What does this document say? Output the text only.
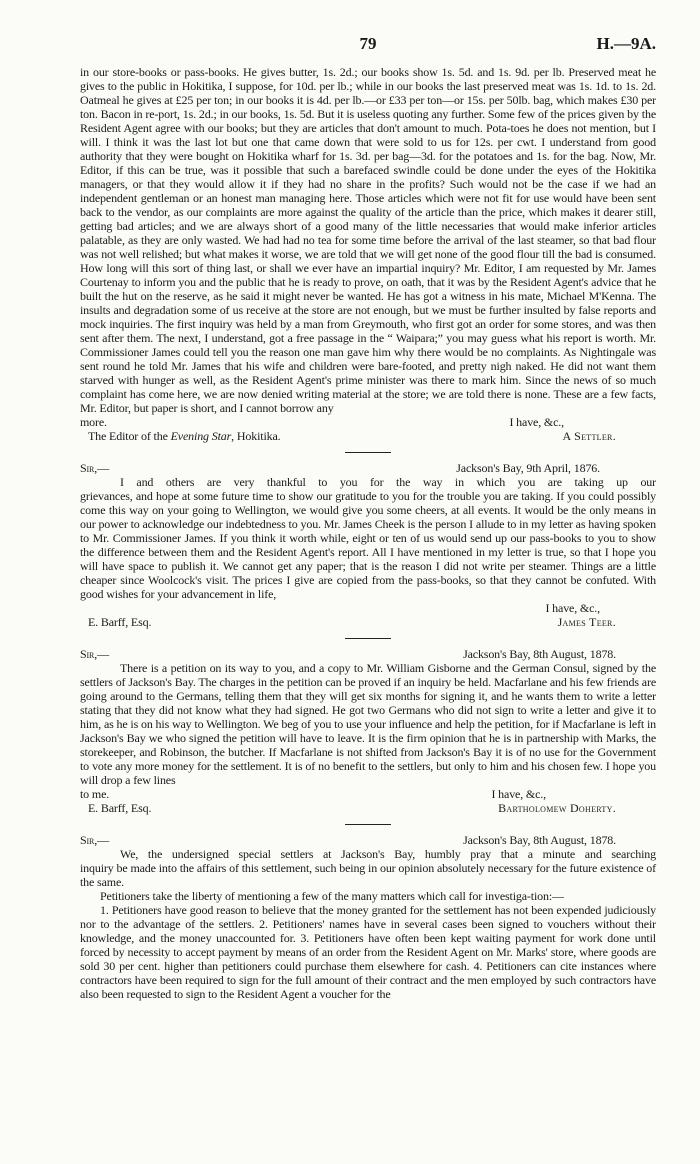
79	H.—9A.

in our store-books or pass-books. He gives butter, 1s. 2d.; our books show 1s. 5d. and 1s. 9d. per lb. Preserved meat he gives to the public in Hokitika, I suppose, for 10d. per lb.; while in our books the last preserved meat was 1s. 1d. to 1s. 2d. Oatmeal he gives at £25 per ton; in our books it is 4d. per lb.—or £33 per ton—or 15s. per 50lb. bag, which makes £30 per ton. Bacon in re-port, 1s. 2d.; in our books, 1s. 5d. But it is useless quoting any further. Some few of the prices given by the Resident Agent agree with our books; but they are articles that don't amount to much. Pota-toes he does not mention, but I will. I think it was the last lot but one that came down that were sold to us for 12s. per cwt. I understand from good authority that they were bought on Hokitika wharf for 1s. 3d. per bag—3d. for the potatoes and 1s. for the bag. Now, Mr. Editor, if this can be true, was it possible that such a barefaced swindle could be done under the eyes of the Hokitika managers, or that they would allow it if they had no share in the profits? Such would not be the case if we had an independent gentleman or an honest man managing here. Those articles which were not fit for use would have been sent back to the vendor, as our complaints are more against the quality of the article than the price, which makes it dearer still, getting bad articles; and we are always short of a good many of the little necessaries that would make inferior articles palatable, as they are only wasted. We had had no tea for some time before the arrival of the last steamer, so that bad flour was not well relished; but what makes it worse, we are told that we will get none of the good flour till the bad is consumed. How long will this sort of thing last, or shall we ever have an impartial inquiry? Mr. Editor, I am requested by Mr. James Courtenay to inform you and the public that he is ready to prove, on oath, that it was by the Resident Agent's advice that he built the hut on the reserve, as he said it might never be wanted. He has got a witness in his mate, Michael M'Kenna. The insults and degradation some of us receive at the store are not enough, but we must be further insulted by false reports and mock inquiries. The first inquiry was held by a man from Greymouth, who first got an order for some stores, and was then sent after them. The next, I understand, got a free passage in the “ Waipara;” you may guess what his report is worth. Mr. Commissioner James could tell you the reason one man gave him why there would be no complaints. As Nightingale was sent round he told Mr. James that his wife and children were bare-footed, and pretty nigh naked. He did not want them starved with hunger as well, as the Resident Agent's prime minister was there to mark him. Since the news of so much complaint has come here, we are now denied writing material at the store; we are told there is none. These are a few facts, Mr. Editor, but paper is short, and I cannot borrow any

more.	I have, &c.,
The Editor of the Evening Star, Hokitika.	A Settler.
Sir,—	Jackson's Bay, 9th April, 1876.

I and others are very thankful to you for the way in which you are taking up our

grievances, and hope at some future time to show our gratitude to you for the trouble you are taking. If you could possibly come this way on your going to Wellington, we would give you some cheers, at all events. It would be the only means in our power to acknowledge our indebtedness to you. Mr. James Cheek is the person I allude to in my letter as having spoken to Mr. Commissioner James. If you think it worth while, eight or ten of us would send up our pass-books to you to show the difference between them and the Resident Agent's report. All I have mentioned in my letter is true, so that I hope you will have space to publish it. We cannot get any paper; that is the reason I did not write per steamer. Things are a little cheaper since Woolcock's visit. The prices I give are copied from the pass-books, so that they cannot be confuted. With good wishes for your advancement in life,

I have, &c.,
E. Barff, Esq.	James Teer.
Sir,—	Jackson's Bay, 8th August, 1878.

There is a petition on its way to you, and a copy to Mr. William Gisborne and the German Consul, signed by the settlers of Jackson's Bay. The charges in the petition can be proved if an inquiry be held. Macfarlane and his few friends are going around to the Germans, telling them that they will get six months for signing it, and he wants them to write a letter stating that they did not know what they had signed. He got two Germans who did not sign to write a letter and give it to him, as he is on his way to Wellington. We beg of you to use your influence and help the petition, for if Macfarlane is left in Jackson's Bay we who signed the petition will have to leave. It is the firm opinion that he is in partnership with Marks, the storekeeper, and Robinson, the butcher. If Macfarlane is not shifted from Jackson's Bay it is of no use for the Government to vote any more money for the settlement. It is of no benefit to the settlers, but only to him and his chosen few. I hope you will drop a few lines

to me.	I have, &c.,
E. Barff, Esq.	Bartholomew Doherty.
Sir,—	Jackson's Bay, 8th August, 1878.

We, the undersigned special settlers at Jackson's Bay, humbly pray that a minute and searching

inquiry be made into the affairs of this settlement, such being in our opinion absolutely necessary for the future existence of the same.

Petitioners take the liberty of mentioning a few of the many matters which call for investiga-tion:—

1. Petitioners have good reason to believe that the money granted for the settlement has not been expended judiciously nor to the advantage of the settlers. 2. Petitioners' names have in several cases been signed to vouchers without their knowledge, and the money unaccounted for. 3. Petitioners have often been kept waiting payment for work done until forced by necessity to accept payment by means of an order from the Resident Agent on Mr. Marks' store, where goods are sold 30 per cent. higher than petitioners could purchase them elsewhere for cash. 4. Petitioners can cite instances where contractors have been required to sign for the full amount of their contract and the men employed by such contractors have also been requested to sign to the Resident Agent a voucher for the
